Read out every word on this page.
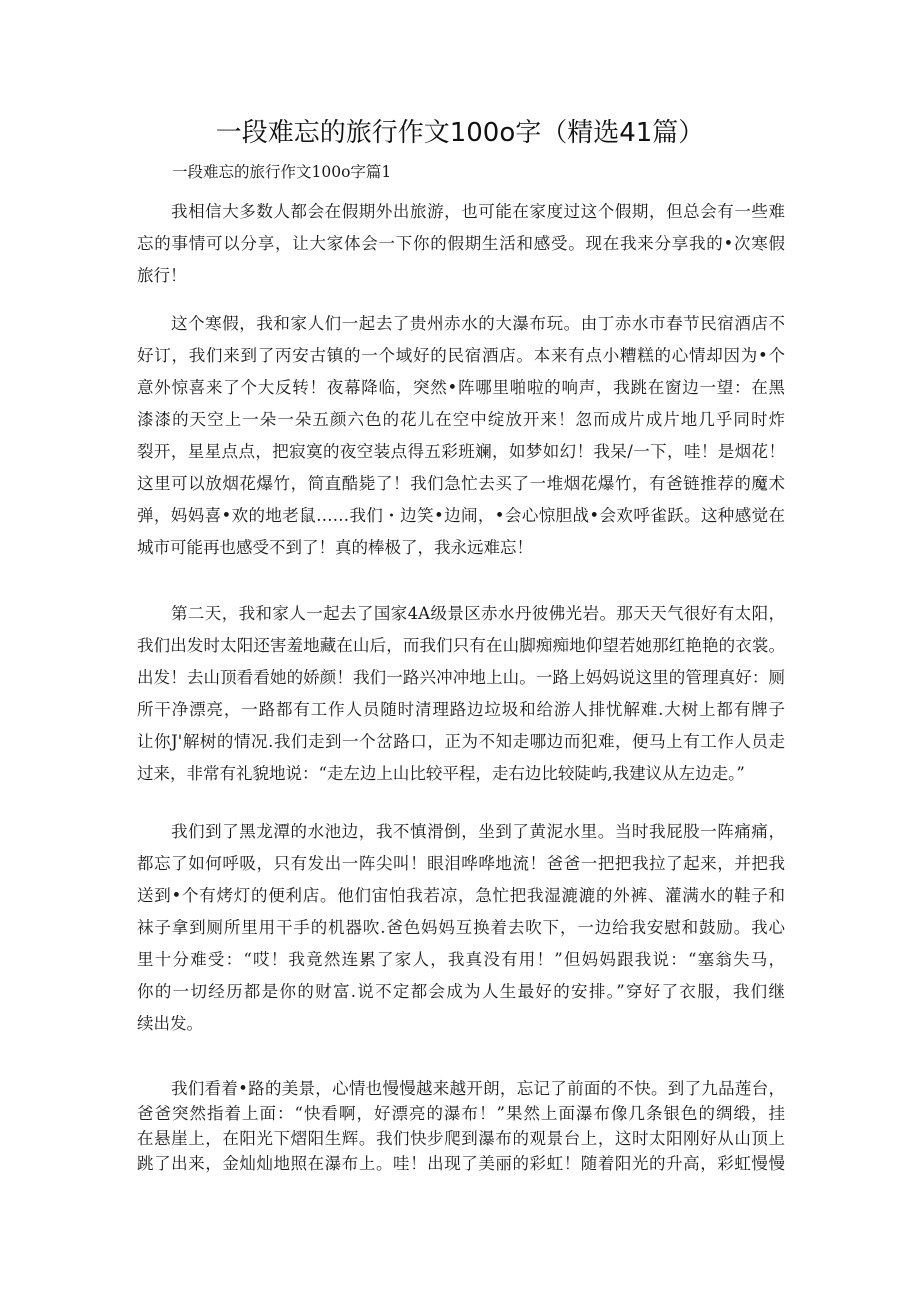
一段难忘的旅行作文100o字（精选41篇）

一段难忘的旅行作文100o字篇1

我相信大多数人都会在假期外出旅游，也可能在家度过这个假期，但总会有一些难
忘的事情可以分享，让大家体会一下你的假期生活和感受。现在我来分享我的•次寒假
旅行！
这个寒假，我和家人们一起去了贵州赤水的大瀑布玩。由丁赤水市春节民宿酒店不
好订，我们来到了丙安古镇的一个域好的民宿酒店。本来有点小糟糕的心情却因为•个
意外惊喜来了个大反转！夜幕降临，突然•阵哪里啪啦的响声，我跳在窗边一望：在黑
漆漆的天空上一朵一朵五颜六色的花儿在空中绽放开来！忽而成片成片地几乎同时炸
裂开，星星点点，把寂寞的夜空装点得五彩班斓，如梦如幻！我呆/一下，哇！是烟花！
这里可以放烟花爆竹，简直酷毙了！我们急忙去买了一堆烟花爆竹，有爸链推荐的魔术
弹，妈妈喜•欢的地老鼠……我们・边笑•边闹，•会心惊胆战•会欢呼雀跃。这种感觉在
城市可能再也感受不到了！真的棒极了，我永远难忘！
第二天，我和家人一起去了国家4A级景区赤水丹彼佛光岩。那天天气很好有太阳，
我们出发时太阳还害羞地藏在山后，而我们只有在山脚痴痴地仰望若她那红艳艳的衣裳。
出发！去山顶看看她的娇颜！我们一路兴冲冲地上山。一路上妈妈说这里的管理真好：厕
所干净漂亮，一路都有工作人员随时清理路边垃圾和给游人排忧解难.大树上都有牌子
让你J'解树的情况.我们走到一个岔路口，正为不知走哪边而犯难，便马上有工作人员走
过来，非常有礼貌地说：“走左边上山比较平程，走右边比较陡屿,我建议从左边走。”
我们到了黑龙潭的水池边，我不慎滑倒，坐到了黄泥水里。当时我屁股一阵痛痛，
都忘了如何呼吸，只有发出一阵尖叫！眼泪哗哗地流！爸爸一把把我拉了起来，并把我
送到•个有烤灯的便利店。他们宙怕我若凉，急忙把我湿漉漉的外裤、灌满水的鞋子和
袜子拿到厕所里用干手的机器吹.爸色妈妈互换着去吹下，一边给我安慰和鼓励。我心
里十分难受：“哎！我竟然连累了家人，我真没有用！”但妈妈跟我说：“塞翁失马，
你的一切经历都是你的财富.说不定都会成为人生最好的安排。”穿好了衣服，我们继
续出发。
我们看着•路的美景，心情也慢慢越来越开朗，忘记了前面的不快。到了九品莲台，
爸爸突然指着上面：“快看啊，好漂亮的瀑布！”果然上面瀑布像几条银色的绸缎，挂
在悬崖上，在阳光下熠阳生辉。我们快步爬到瀑布的观景台上，这时太阳刚好从山顶上
跳了出来，金灿灿地照在瀑布上。哇！出现了美丽的彩虹！随着阳光的升高，彩虹慢慢
